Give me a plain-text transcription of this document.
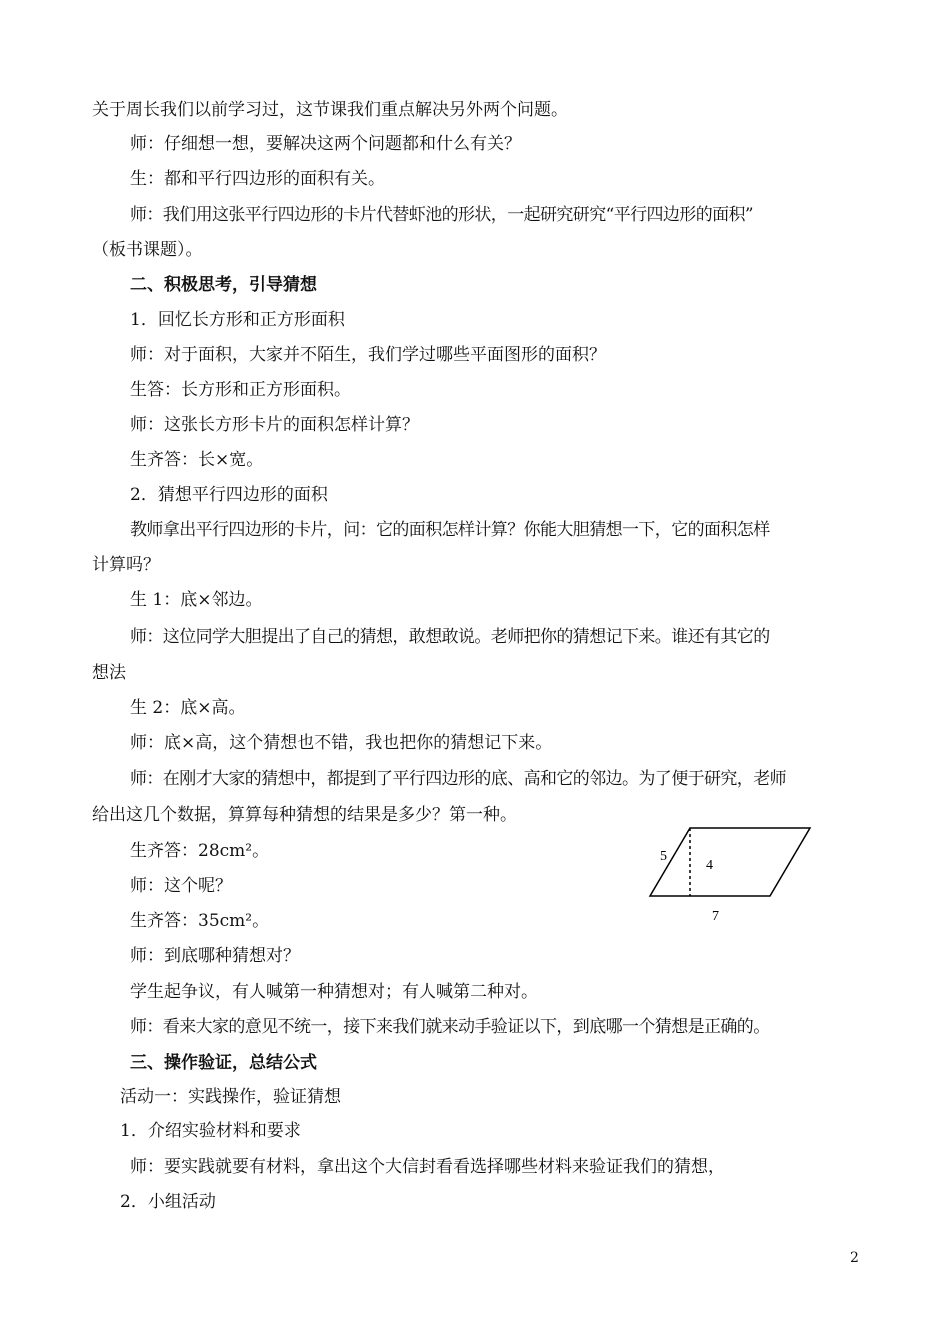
关于周长我们以前学习过，这节课我们重点解决另外两个问题。
师：仔细想一想，要解决这两个问题都和什么有关？
生：都和平行四边形的面积有关。
师：我们用这张平行四边形的卡片代替虾池的形状，一起研究研究“平行四边形的面积”
（板书课题）。
二、积极思考，引导猜想
1．回忆长方形和正方形面积
师：对于面积，大家并不陌生，我们学过哪些平面图形的面积？
生答：长方形和正方形面积。
师：这张长方形卡片的面积怎样计算？
生齐答：长×宽。
2．猜想平行四边形的面积
教师拿出平行四边形的卡片，问：它的面积怎样计算？你能大胆猜想一下，它的面积怎样
计算吗？
生 1：底×邻边。
师：这位同学大胆提出了自己的猜想，敢想敢说。老师把你的猜想记下来。谁还有其它的
想法
生 2：底×高。
师：底×高，这个猜想也不错，我也把你的猜想记下来。
师：在刚才大家的猜想中，都提到了平行四边形的底、高和它的邻边。为了便于研究，老师
给出这几个数据，算算每种猜想的结果是多少？第一种。
生齐答：28cm²。
师：这个呢？
生齐答：35cm²。
师：到底哪种猜想对？
学生起争议，有人喊第一种猜想对；有人喊第二种对。
师：看来大家的意见不统一，接下来我们就来动手验证以下，到底哪一个猜想是正确的。
三、操作验证，总结公式
活动一：实践操作，验证猜想
1．介绍实验材料和要求
师：要实践就要有材料，拿出这个大信封看看选择哪些材料来验证我们的猜想，
2．小组活动
5
4
7
2
